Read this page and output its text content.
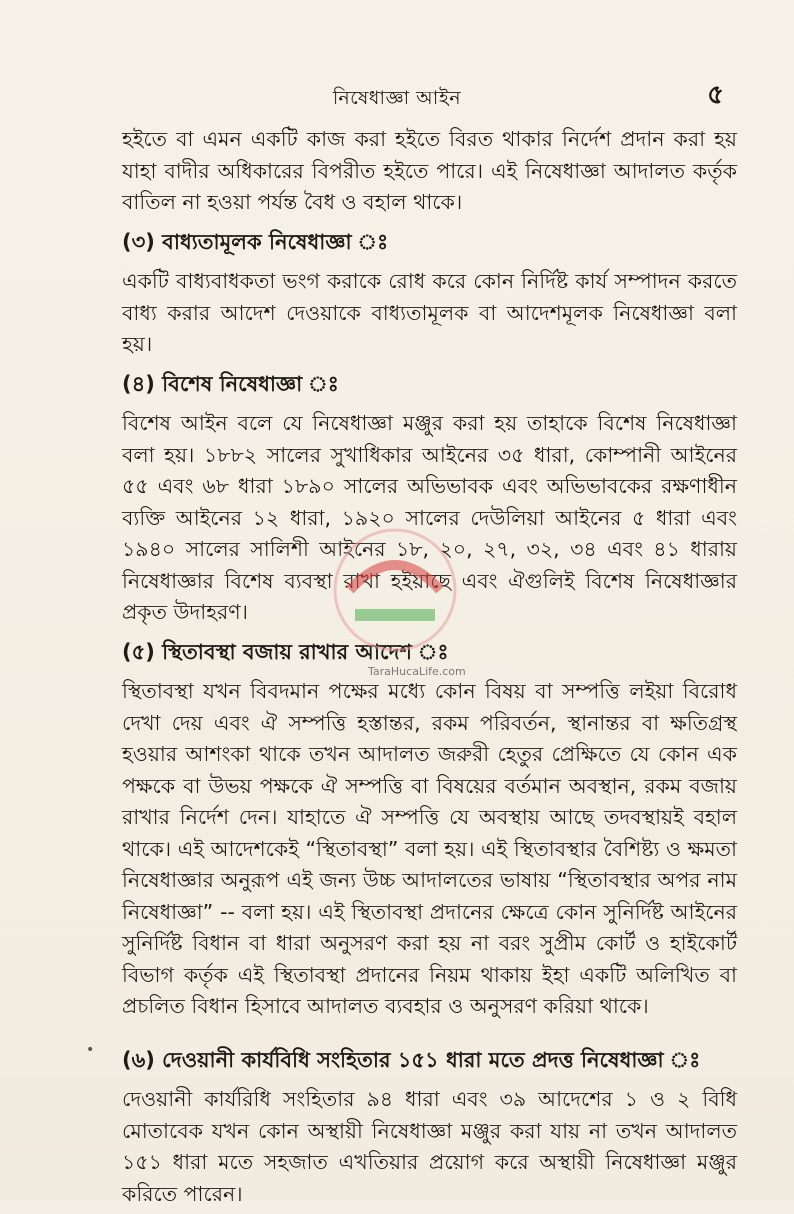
নিষেধাজ্ঞা আইন	৫

হইতে বা এমন একটি কাজ করা হইতে বিরত থাকার নির্দেশ প্রদান করা হয় যাহা বাদীর অধিকারের বিপরীত হইতে পারে। এই নিষেধাজ্ঞা আদালত কর্তৃক বাতিল না হওয়া পর্যন্ত বৈধ ও বহাল থাকে।

(৩) বাধ্যতামূলক নিষেধাজ্ঞা ঃ

একটি বাধ্যবাধকতা ভংগ করাকে রোধ করে কোন নির্দিষ্ট কার্য সম্পাদন করতে বাধ্য করার আদেশ দেওয়াকে বাধ্যতামূলক বা আদেশমূলক নিষেধাজ্ঞা বলা হয়।

(৪) বিশেষ নিষেধাজ্ঞা ঃ

বিশেষ আইন বলে যে নিষেধাজ্ঞা মঞ্জুর করা হয় তাহাকে বিশেষ নিষেধাজ্ঞা বলা হয়। ১৮৮২ সালের সুখাধিকার আইনের ৩৫ ধারা, কোম্পানী আইনের ৫৫ এবং ৬৮ ধারা ১৮৯০ সালের অভিভাবক এবং অভিভাবকের রক্ষণাধীন ব্যক্তি আইনের ১২ ধারা, ১৯২০ সালের দেউলিয়া আইনের ৫ ধারা এবং ১৯৪০ সালের সালিশী আইনের ১৮, ২০, ২৭, ৩২, ৩৪ এবং ৪১ ধারায় নিষেধাজ্ঞার বিশেষ ব্যবস্থা রাখা হইয়াছে এবং ঐগুলিই বিশেষ নিষেধাজ্ঞার প্রকৃত উদাহরণ।

(৫) স্থিতাবস্থা বজায় রাখার আদেশ ঃ

স্থিতাবস্থা যখন বিবদমান পক্ষের মধ্যে কোন বিষয় বা সম্পত্তি লইয়া বিরোধ দেখা দেয় এবং ঐ সম্পত্তি হস্তান্তর, রকম পরিবর্তন, স্থানান্তর বা ক্ষতিগ্রস্থ হওয়ার আশংকা থাকে তখন আদালত জরুরী হেতুর প্রেক্ষিতে যে কোন এক পক্ষকে বা উভয় পক্ষকে ঐ সম্পত্তি বা বিষয়ের বর্তমান অবস্থান, রকম বজায় রাখার নির্দেশ দেন। যাহাতে ঐ সম্পত্তি যে অবস্থায় আছে তদবস্থায়ই বহাল থাকে। এই আদেশকেই “স্থিতাবস্থা” বলা হয়। এই স্থিতাবস্থার বৈশিষ্ট্য ও ক্ষমতা নিষেধাজ্ঞার অনুরূপ এই জন্য উচ্চ আদালতের ভাষায় “স্থিতাবস্থার অপর নাম নিষেধাজ্ঞা” -- বলা হয়। এই স্থিতাবস্থা প্রদানের ক্ষেত্রে কোন সুনির্দিষ্ট আইনের সুনির্দিষ্ট বিধান বা ধারা অনুসরণ করা হয় না বরং সুপ্রীম কোর্ট ও হাইকোর্ট বিভাগ কর্তৃক এই স্থিতাবস্থা প্রদানের নিয়ম থাকায় ইহা একটি অলিখিত বা প্রচলিত বিধান হিসাবে আদালত ব্যবহার ও অনুসরণ করিয়া থাকে।

(৬) দেওয়ানী কার্যবিধি সংহিতার ১৫১ ধারা মতে প্রদত্ত নিষেধাজ্ঞা ঃ

দেওয়ানী কার্যরিধি সংহিতার ৯৪ ধারা এবং ৩৯ আদেশের ১ ও ২ বিধি মোতাবেক যখন কোন অস্থায়ী নিষেধাজ্ঞা মঞ্জুর করা যায় না তখন আদালত ১৫১ ধারা মতে সহজাত এখতিয়ার প্রয়োগ করে অস্থায়ী নিষেধাজ্ঞা মঞ্জুর করিতে পারেন।

TaraHucaLife.com
•
